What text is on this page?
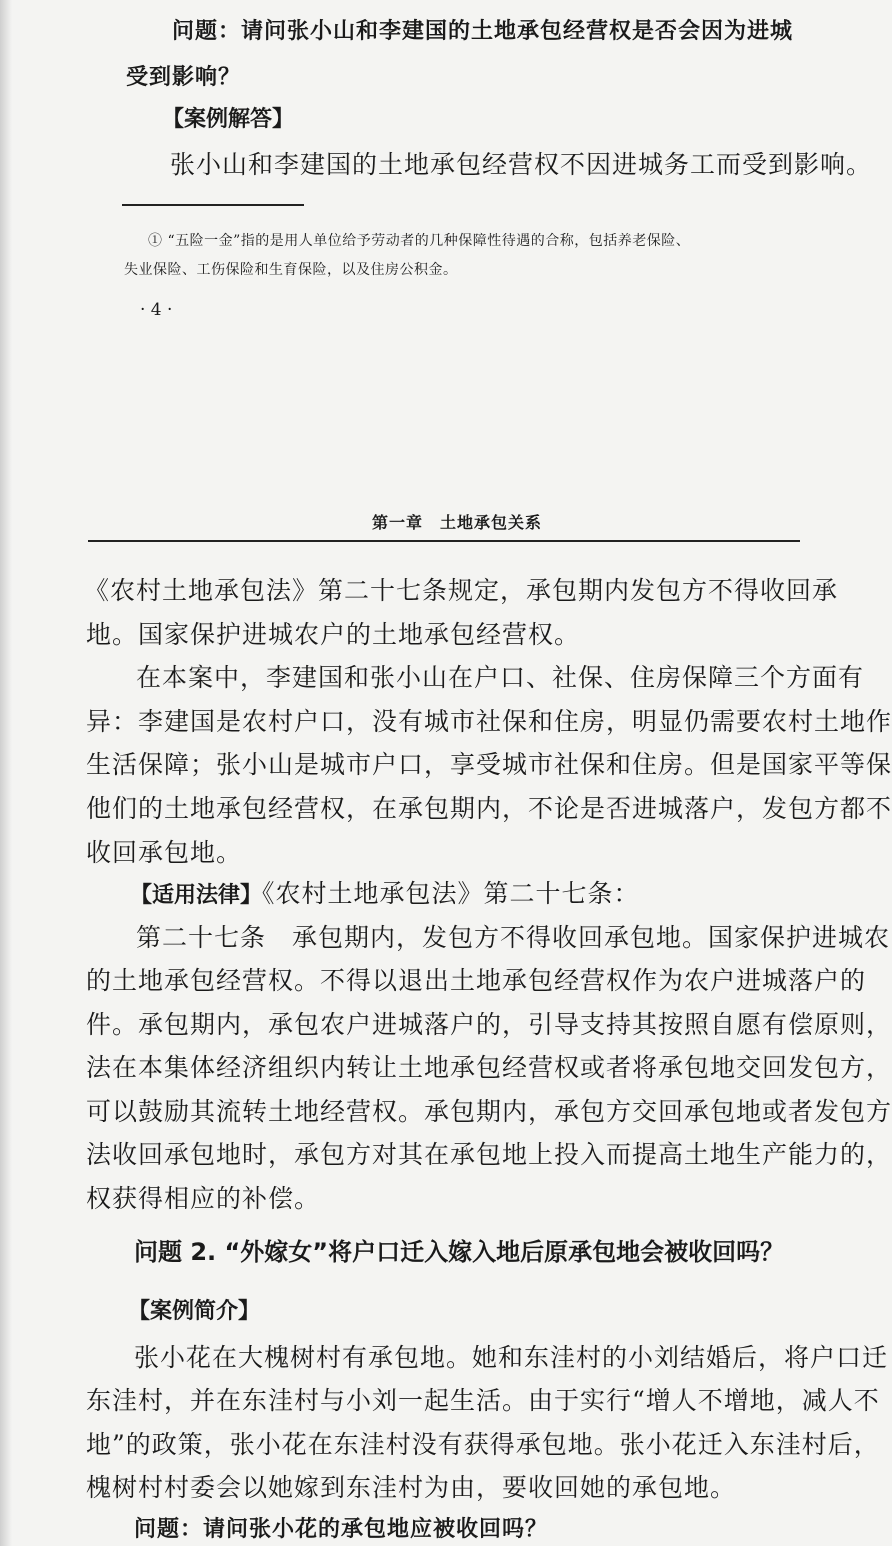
问题：请问张小山和李建国的土地承包经营权是否会因为进城
受到影响？
【案例解答】
张小山和李建国的土地承包经营权不因进城务工而受到影响。
① “五险一金”指的是用人单位给予劳动者的几种保障性待遇的合称，包括养老保险、
失业保险、工伤保险和生育保险，以及住房公积金。
· 4 ·
第一章　土地承包关系
《农村土地承包法》第二十七条规定，承包期内发包方不得收回承
地。国家保护进城农户的土地承包经营权。
在本案中，李建国和张小山在户口、社保、住房保障三个方面有
异：李建国是农村户口，没有城市社保和住房，明显仍需要农村土地作
生活保障；张小山是城市户口，享受城市社保和住房。但是国家平等保
他们的土地承包经营权，在承包期内，不论是否进城落户，发包方都不
收回承包地。
【适用法律】《农村土地承包法》第二十七条：
第二十七条　承包期内，发包方不得收回承包地。国家保护进城农
的土地承包经营权。不得以退出土地承包经营权作为农户进城落户的
件。承包期内，承包农户进城落户的，引导支持其按照自愿有偿原则，
法在本集体经济组织内转让土地承包经营权或者将承包地交回发包方，
可以鼓励其流转土地经营权。承包期内，承包方交回承包地或者发包方
法收回承包地时，承包方对其在承包地上投入而提高土地生产能力的，
权获得相应的补偿。
问题 2. “外嫁女”将户口迁入嫁入地后原承包地会被收回吗？
【案例简介】
张小花在大槐树村有承包地。她和东洼村的小刘结婚后，将户口迁
东洼村，并在东洼村与小刘一起生活。由于实行“增人不增地，减人不
地”的政策，张小花在东洼村没有获得承包地。张小花迁入东洼村后，
槐树村村委会以她嫁到东洼村为由，要收回她的承包地。
问题：请问张小花的承包地应被收回吗？
